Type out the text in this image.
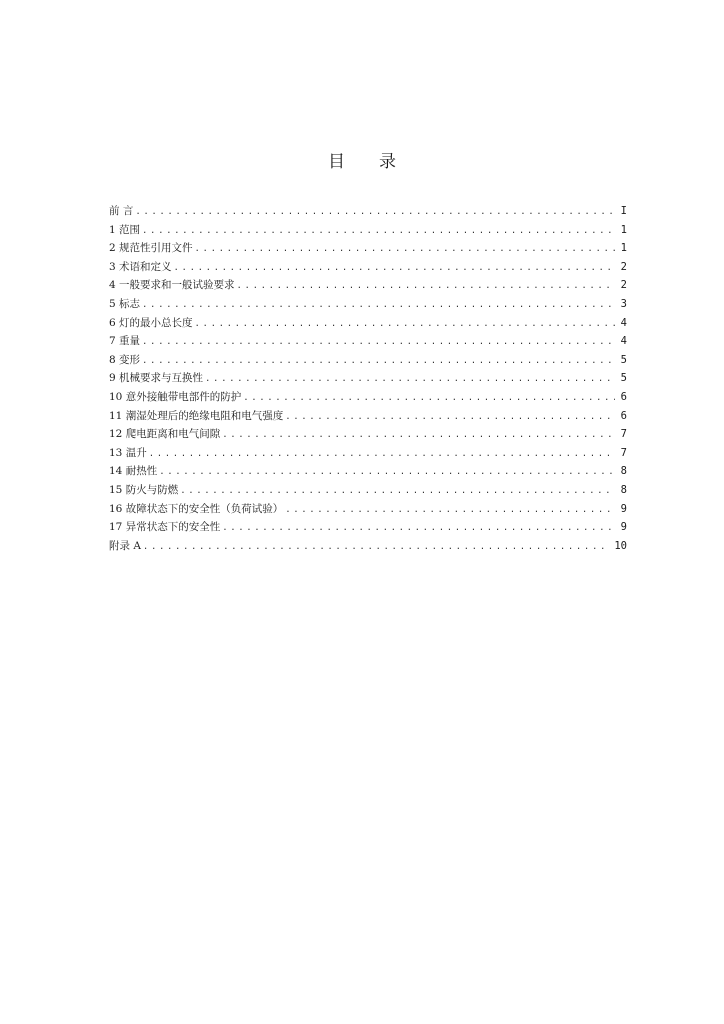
目 录
前 言 .....	I
1 范围 .....	1
2 规范性引用文件 .....	1
3 术语和定义 .....	2
4 一般要求和一般试验要求 .....	2
5 标志 .....	3
6 灯的最小总长度 .....	4
7 重量 .....	4
8 变形 .....	5
9 机械要求与互换性 .....	5
10 意外接触带电部件的防护 .....	6
11 潮湿处理后的绝缘电阻和电气强度 .....	6
12 爬电距离和电气间隙 .....	7
13 温升 .....	7
14 耐热性 .....	8
15 防火与防燃 .....	8
16 故障状态下的安全性（负荷试验） .....	9
17 异常状态下的安全性 .....	9
附录 A .....	10
